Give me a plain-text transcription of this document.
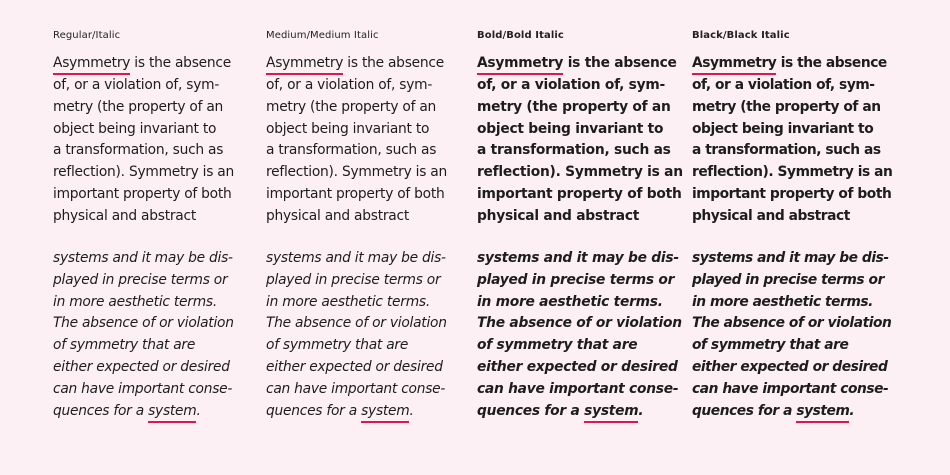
Regular/Italic

Asymmetry is the absence
of, or a violation of, sym-
metry (the property of an
object being invariant to
a transformation, such as
reflection). Symmetry is an
important property of both
physical and abstract

systems and it may be dis-
played in precise terms or
in more aesthetic terms.
The absence of or violation
of symmetry that are
either expected or desired
can have important conse-
quences for a system.

Medium/Medium Italic

Asymmetry is the absence
of, or a violation of, sym-
metry (the property of an
object being invariant to
a transformation, such as
reflection). Symmetry is an
important property of both
physical and abstract

systems and it may be dis-
played in precise terms or
in more aesthetic terms.
The absence of or violation
of symmetry that are
either expected or desired
can have important conse-
quences for a system.

Bold/Bold Italic

Asymmetry is the absence
of, or a violation of, sym-
metry (the property of an
object being invariant to
a transformation, such as
reflection). Symmetry is an
important property of both
physical and abstract

systems and it may be dis-
played in precise terms or
in more aesthetic terms.
The absence of or violation
of symmetry that are
either expected or desired
can have important conse-
quences for a system.

Black/Black Italic

Asymmetry is the absence
of, or a violation of, sym-
metry (the property of an
object being invariant to
a transformation, such as
reflection). Symmetry is an
important property of both
physical and abstract

systems and it may be dis-
played in precise terms or
in more aesthetic terms.
The absence of or violation
of symmetry that are
either expected or desired
can have important conse-
quences for a system.
